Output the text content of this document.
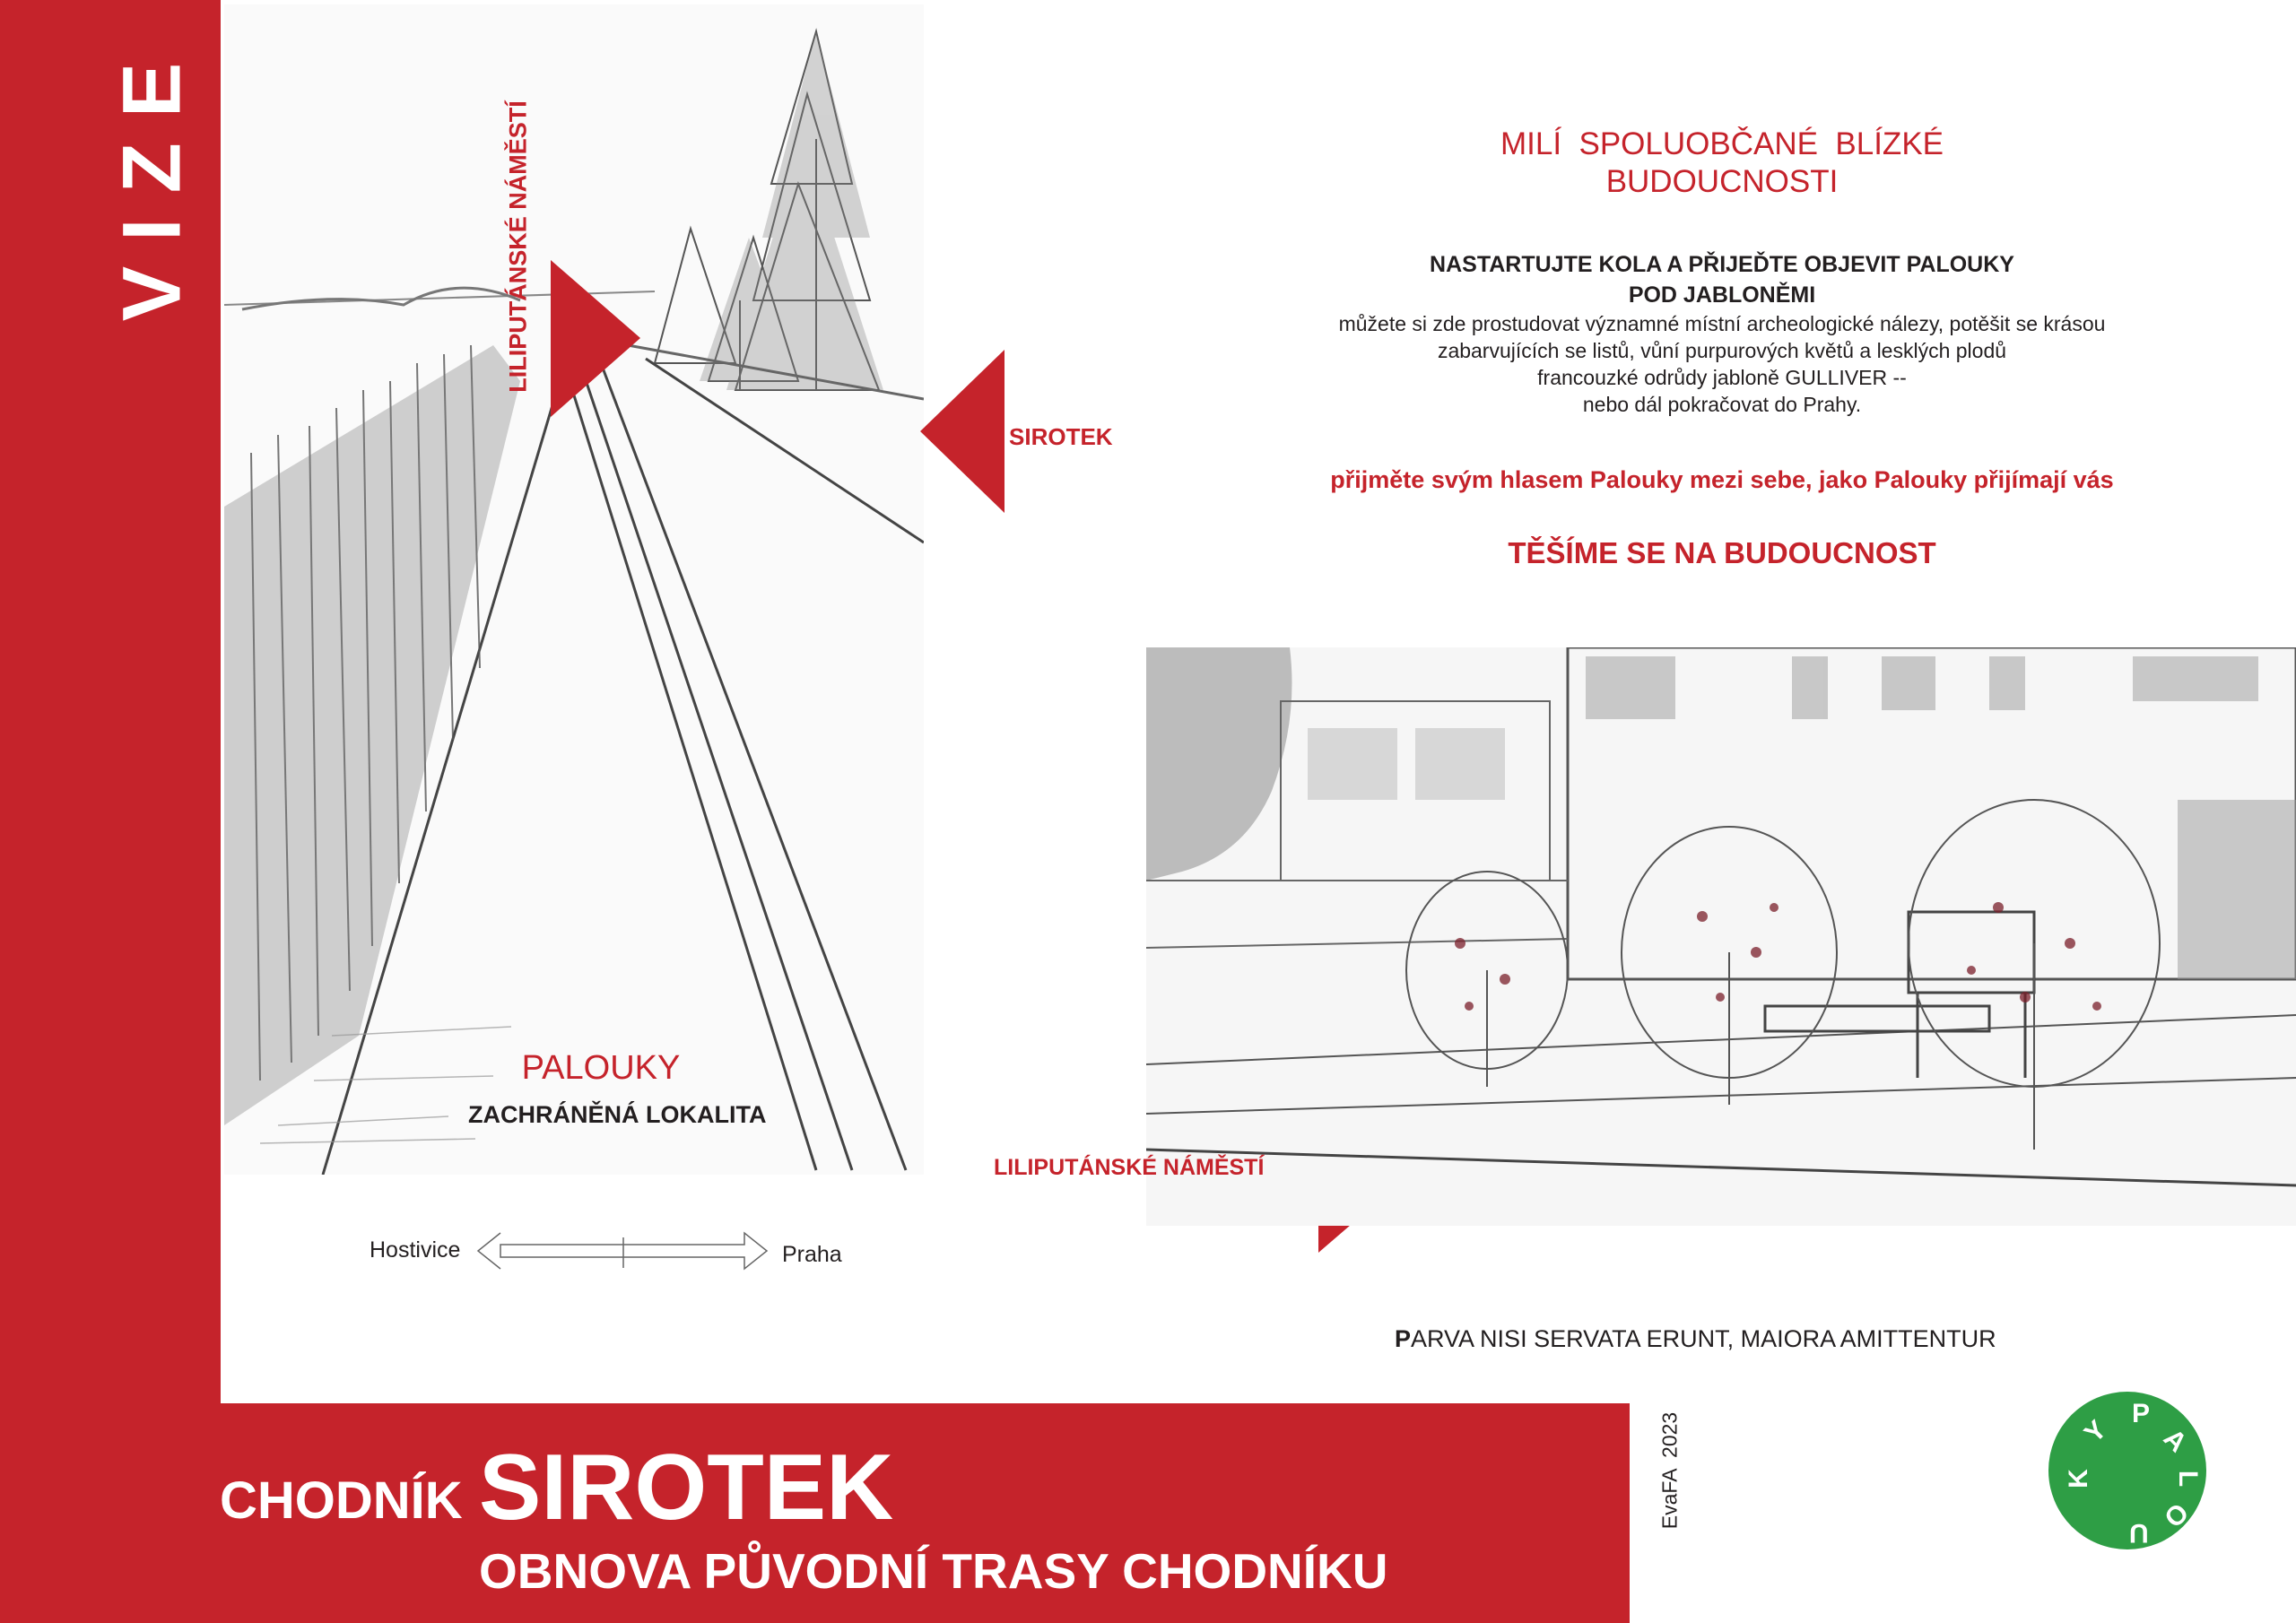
VIZE	LILIPUTÁNSKÉ NÁMĚSTÍ
PALOUKY
ZACHRÁNĚNÁ LOKALITA
SIROTEK
Hostivice	Praha
MILÍ  SPOLUOBČANÉ  BLÍZKÉ
BUDOUCNOSTI
NASTARTUJTE KOLA A PŘIJEĎTE OBJEVIT PALOUKY
POD JABLONĚMI
můžete si zde prostudovat významné místní archeologické nálezy, potěšit se krásou
zabarvujících se listů, vůní purpurových květů a lesklých plodů
francouzké odrůdy jabloně GULLIVER --
nebo dál pokračovat do Prahy.
přijměte svým hlasem Palouky mezi sebe, jako Palouky přijímají vás
TĚŠÍME SE NA BUDOUCNOST
LILIPUTÁNSKÉ NÁMĚSTÍ
PARVA NISI SERVATA ERUNT, MAIORA AMITTENTUR
EvaFA  2023	P
A
L
O
U
K
Y
CHODNÍK SIROTEK
OBNOVA PŮVODNÍ TRASY CHODNÍKU
